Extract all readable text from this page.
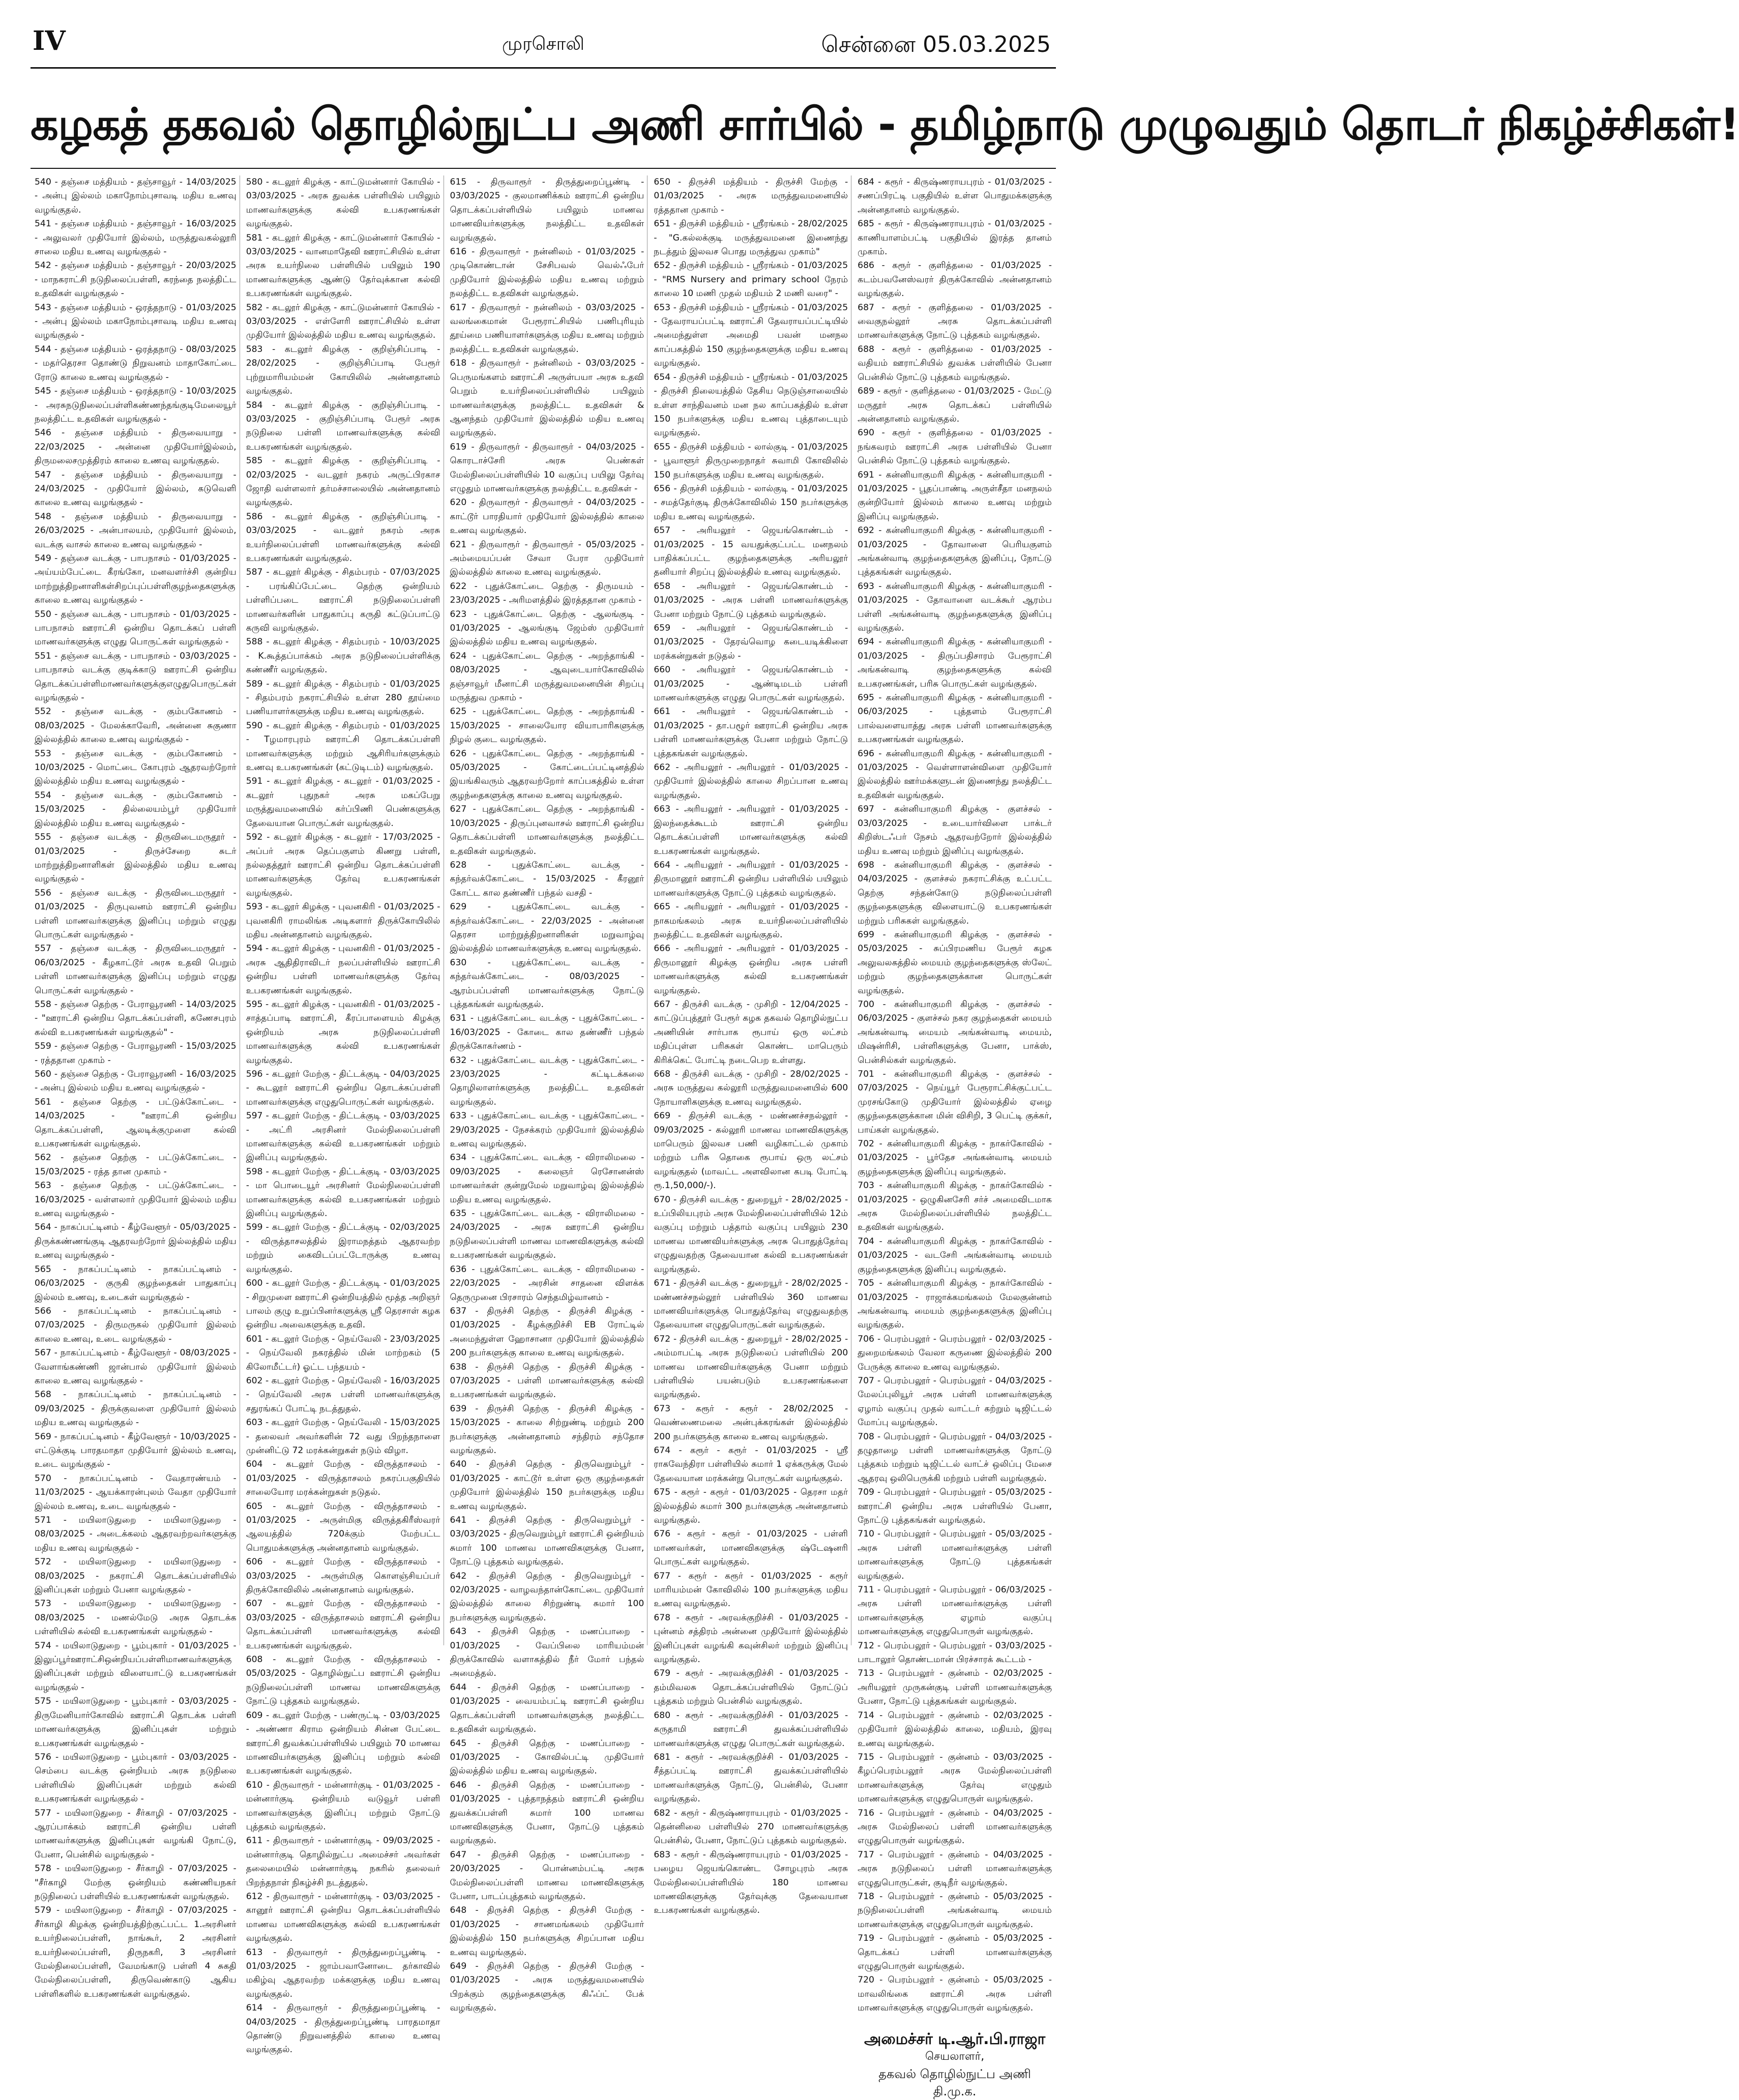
IV	முரசொலி	சென்னை 05.03.2025
கழகத் தகவல் தொழில்நுட்ப அணி சார்பில் - தமிழ்நாடு முழுவதும் தொடர் நிகழ்ச்சிகள்!

540 - தஞ்சை மத்தியம் - தஞ்சாவூர் - 14/03/2025 - அன்பு இல்லம் மகாநோம்புசாவடி மதிய உணவு வழங்குதல்.

541 - தஞ்சை மத்தியம் - தஞ்சாவூர் - 16/03/2025 - அலுவலர் முதியோர் இல்லம், மருத்துவகல்லூரி சாலை மதிய உணவு வழங்குதல் -

542 - தஞ்சை மத்தியம் - தஞ்சாவூர் - 20/03/2025 - மாநகராட்சி நடுநிலைப்பள்ளி, கரந்தை நலத்திட்ட உதவிகள் வழங்குதல் -

543 - தஞ்சை மத்தியம் - ஒரத்தநாடு - 01/03/2025 - அன்பு இல்லம் மகாநோம்புசாவடி மதிய உணவு வழங்குதல் -

544 - தஞ்சை மத்தியம் - ஒரத்தநாடு - 08/03/2025 - மதர்தெரசா தொண்டு நிறுவனம் மாதாகோட்டை ரோடு காலை உணவு வழங்குதல் -

545 - தஞ்சை மத்தியம் - ஒரத்தநாடு - 10/03/2025 - அரசுநடுநிலைப்பள்ளிகண்ணந்தங்குடிமேலையூர் நலத்திட்ட உதவிகள் வழங்குதல் -

546 - தஞ்சை மத்தியம் - திருவையாறு - 22/03/2025 - அன்னை முதியோர்இல்லம், திருமலைசமுத்திரம் காலை உணவு வழங்குதல்.

547 - தஞ்சை மத்தியம் - திருவையாறு - 24/03/2025 - முதியோர் இல்லம், கடுவெளி காலை உணவு வழங்குதல் -

548 - தஞ்சை மத்தியம் - திருவையாறு - 26/03/2025 - அன்பாலயம், முதியோர் இல்லம், வடக்கு வாசல் காலை உணவு வழங்குதல் -

549 - தஞ்சை வடக்கு - பாபநாசம் - 01/03/2025 - அய்யம்பேட்டை கீரங்கோ, மனவளர்ச்சி குன்றிய மாற்றுத்திறனாளிகள்சிறப்புப்பள்ளிகுழந்தைகளுக்கு காலை உணவு வழங்குதல் -

550 - தஞ்சை வடக்கு - பாபநாசம் - 01/03/2025 - பாபநாசம் ஊராட்சி ஒன்றிய தொடக்கப் பள்ளி மாணவர்களுக்கு எழுது பொருட்கள் வழங்குதல் -

551 - தஞ்சை வடக்கு - பாபநாசம் - 03/03/2025 - பாபநாசம் வடக்கு குடிக்காடு ஊராட்சி ஒன்றிய தொடக்கப்பள்ளிமாணவர்களுக்குஎழுதுபொருட்கள் வழங்குதல் -

552 - தஞ்சை வடக்கு - கும்பகோணம் - 08/03/2025 - மேலக்காவேரி, அன்னை சுகுணா இல்லத்தில் காலை உணவு வழங்குதல் -

553 - தஞ்சை வடக்கு - கும்பகோணம் - 10/03/2025 - மொட்டை கோபுரம் ஆதரவற்றோர் இல்லத்தில் மதிய உணவு வழங்குதல் -

554 - தஞ்சை வடக்கு - கும்பகோணம் - 15/03/2025 - தில்லையம்பூர் முதியோர் இல்லத்தில் மதிய உணவு வழங்குதல் -

555 - தஞ்சை வடக்கு - திருவிடைமருதூர் - 01/03/2025 - திருச்சேறை சுடர் மாற்றுத்திறனாளிகள் இல்லத்தில் மதிய உணவு வழங்குதல் -

556 - தஞ்சை வடக்கு - திருவிடைமருதூர் - 01/03/2025 - திருபுவனம் ஊராட்சி ஒன்றிய பள்ளி மாணவர்களுக்கு இனிப்பு மற்றும் எழுது பொருட்கள் வழங்குதல் -

557 - தஞ்சை வடக்கு - திருவிடைமருதூர் - 06/03/2025 - கீழகாட்டூர் அரசு உதவி பெறும் பள்ளி மாணவர்களுக்கு இனிப்பு மற்றும் எழுது பொருட்கள் வழங்குதல் -

558 - தஞ்சை தெற்கு - பேராவூரணி - 14/03/2025 - "ஊராட்சி ஒன்றிய தொடக்கப்பள்ளி, கணேசபுரம் கல்வி உபகரணங்கள் வழங்குதல்" -

559 - தஞ்சை தெற்கு - பேராவூரணி - 15/03/2025 - ரத்ததான முகாம் -

560 - தஞ்சை தெற்கு - பேராவூரணி - 16/03/2025 - அன்பு இல்லம் மதிய உணவு வழங்குதல் -

561 - தஞ்சை தெற்கு - பட்டுக்கோட்டை - 14/03/2025 - "ஊராட்சி ஒன்றிய தொடக்கப்பள்ளி, ஆலடிக்குமுளை கல்வி உபகரணங்கள் வழங்குதல்.

562 - தஞ்சை தெற்கு - பட்டுக்கோட்டை - 15/03/2025 - ரத்த தான முகாம் -

563 - தஞ்சை தெற்கு - பட்டுக்கோட்டை - 16/03/2025 - வள்ளலார் முதியோர் இல்லம் மதிய உணவு வழங்குதல் -

564 - நாகப்பட்டினம் - கீழ்வேளூர் - 05/03/2025 - திருக்கண்ணங்குடி ஆதரவற்றோர் இல்லத்தில் மதிய உணவு வழங்குதல் -

565 - நாகப்பட்டினம் - நாகப்பட்டினம் - 06/03/2025 - குருகி குழந்தைகள் பாதுகாப்பு இல்லம் உணவு, உடைகள் வழங்குதல் -

566 - நாகப்பட்டினம் - நாகப்பட்டினம் - 07/03/2025 - திருமருகல் முதியோர் இல்லம் காலை உணவு, உடை வழங்குதல் -

567 - நாகப்பட்டினம் - கீழ்வேளூர் - 08/03/2025 - வேளாங்கண்ணி ஜான்பால் முதியோர் இல்லம் காலை உணவு வழங்குதல் -

568 - நாகப்பட்டினம் - நாகப்பட்டினம் - 09/03/2025 - திருக்குவளை முதியோர் இல்லம் மதிய உணவு வழங்குதல் -

569 - நாகப்பட்டினம் - கீழ்வேளூர் - 10/03/2025 - எட்டுக்குடி பாரதமாதா முதியோர் இல்லம் உணவு, உடை வழங்குதல் -

570 - நாகப்பட்டினம் - வேதாரண்யம் - 11/03/2025 - ஆயக்காரன்புலம் வேதா முதியோர் இல்லம் உணவு, உடை வழங்குதல் -

571 - மயிலாடுதுறை - மயிலாடுதுறை - 08/03/2025 - அடைக்கலம் ஆதரவற்றவர்களுக்கு மதிய உணவு வழங்குதல் -

572 - மயிலாடுதுறை - மயிலாடுதுறை - 08/03/2025 - நகராட்சி தொடக்கப்பள்ளியில் இனிப்புகள் மற்றும் பேனா வழங்குதல் -

573 - மயிலாடுதுறை - மயிலாடுதுறை - 08/03/2025 - மணல்மேடு அரசு தொடக்க பள்ளியில் கல்வி உபகரணங்கள் வழங்குதல் -

574 - மயிலாடுதுறை - பூம்புகார் - 01/03/2025 - இலுப்பூர்ஊராட்சிஒன்றியப்பள்ளிமாணவர்களுக்கு இனிப்புகள் மற்றும் விளையாட்டு உபகரணங்கள் வழங்குதல் -

575 - மயிலாடுதுறை - பூம்புகார் - 03/03/2025 - திருமேனியார்கோவில் ஊராட்சி தொடக்க பள்ளி மாணவர்களுக்கு இனிப்புகள் மற்றும் உபகரணங்கள் வழங்குதல் -

576 - மயிலாடுதுறை - பூம்புகார் - 03/03/2025 - செம்பை வடக்கு ஒன்றியம் அரசு நடுநிலை பள்ளியில் இனிப்புகள் மற்றும் கல்வி உபகரணங்கள் வழங்குதல் -

577 - மயிலாடுதுறை - சீர்காழி - 07/03/2025 - ஆரப்பாக்கம் ஊராட்சி ஒன்றிய பள்ளி மாணவர்களுக்கு இனிப்புகள் வழங்கி நோட்டு, பேனா, பென்சில் வழங்குதல் -

578 - மயிலாடுதுறை - சீர்காழி - 07/03/2025 - "சீர்காழி மேற்கு ஒன்றியம் கண்ணியநகர் நடுநிலைப் பள்ளியில் உபகரணங்கள் வழங்குதல்.

579 - மயிலாடுதுறை - சீர்காழி - 07/03/2025 - சீர்காழி கிழக்கு ஒன்றியத்திற்குட்பட்ட 1.அரசினர் உயர்நிலைப்பள்ளி, நாங்கூர், 2 அரசினர் உயர்நிலைப்பள்ளி, திருநகரி, 3 அரசினர் மேல்நிலைப்பள்ளி, வேமங்காடு பள்ளி 4 சுகதி மேல்நிலைப்பள்ளி, திருவெண்காடு ஆகிய பள்ளிகளில் உபகரணங்கள் வழங்குதல்.

580 - கடலூர் கிழக்கு - காட்டுமன்னார் கோயில் - 03/03/2025 - அரசு துவக்க பள்ளியில் பயிலும் மாணவர்களுக்கு கல்வி உபகரணங்கள் வழங்குதல்.

581 - கடலூர் கிழக்கு - காட்டுமன்னார் கோயில் - 03/03/2025 - வானமாதேவி ஊராட்சியில் உள்ள அரசு உயர்நிலை பள்ளியில் பயிலும் 190 மாணவர்களுக்கு ஆண்டு தேர்வுக்கான கல்வி உபகரணங்கள் வழங்குதல்.

582 - கடலூர் கிழக்கு - காட்டுமன்னார் கோயில் - 03/03/2025 - எள்ளேரி ஊராட்சியில் உள்ள முதியோர் இல்லத்தில் மதிய உணவு வழங்குதல்.

583 - கடலூர் கிழக்கு - குறிஞ்சிப்பாடி - 28/02/2025 - குறிஞ்சிப்பாடி பேரூர் புற்றுமாரியம்மன் கோயிலில் அன்னதானம் வழங்குதல்.

584 - கடலூர் கிழக்கு - குறிஞ்சிப்பாடி - 03/03/2025 - குறிஞ்சிப்பாடி பேரூர் அரசு நடுநிலை பள்ளி மாணவர்களுக்கு கல்வி உபகரணங்கள் வழங்குதல்.

585 - கடலூர் கிழக்கு - குறிஞ்சிப்பாடி - 02/03/2025 - வடலூர் நகரம் அருட்பிரகாச ஜோதி வள்ளலார் தர்மச்சாலையில் அன்னதானம் வழங்குதல்.

586 - கடலூர் கிழக்கு - குறிஞ்சிப்பாடி - 03/03/2025 - வடலூர் நகரம் அரசு உயர்நிலைப்பள்ளி மாணவர்களுக்கு கல்வி உபகரணங்கள் வழங்குதல்.

587 - கடலூர் கிழக்கு - சிதம்பரம் - 07/03/2025 - பரங்கிப்பேட்டை தெற்கு ஒன்றியம் பள்ளிப்படை ஊராட்சி நடுநிலைப்பள்ளி மாணவர்களின் பாதுகாப்பு கருதி கட்டுப்பாட்டு கருவி வழங்குதல்.

588 - கடலூர் கிழக்கு - சிதம்பரம் - 10/03/2025 - K.கூத்தப்பாக்கம் அரசு நடுநிலைப்பள்ளிக்கு கண்ணீர் வழங்குதல்.

589 - கடலூர் கிழக்கு - சிதம்பரம் - 01/03/2025 - சிதம்பரம் நகராட்சியில் உள்ள 280 தூய்மை பணியாளர்களுக்கு மதிய உணவு வழங்குதல்.

590 - கடலூர் கிழக்கு - சிதம்பரம் - 01/03/2025 - Tழமாரபுரம் ஊராட்சி தொடக்கப்பள்ளி மாணவர்களுக்கு மற்றும் ஆசிரியர்களுக்கும் உணவு உபகரணங்கள் (கட்டுடிடம்) வழங்குதல்.

591 - கடலூர் கிழக்கு - கடலூர் - 01/03/2025 - கடலூர் புதுநகர் அரசு மகப்பேறு மருத்துவமனையில் கர்ப்பிணி பெண்களுக்கு தேவையான பொருட்கள் வழங்குதல்.

592 - கடலூர் கிழக்கு - கடலூர் - 17/03/2025 - அப்பர் அரசு தெப்பகுளம் கிணறு பள்ளி, நல்லதத்தூர் ஊராட்சி ஒன்றிய தொடக்கப்பள்ளி மாணவர்களுக்கு தேர்வு உபகரணங்கள் வழங்குதல்.

593 - கடலூர் கிழக்கு - புவனகிரி - 01/03/2025 - புவனகிரி ராமலிங்க அடிகளார் திருக்கோயிலில் மதிய அன்னதானம் வழங்குதல்.

594 - கடலூர் கிழக்கு - புவனகிரி - 01/03/2025 - அரசு ஆதிதிராவிடர் நலப்பள்ளியில் ஊராட்சி ஒன்றிய பள்ளி மாணவர்களுக்கு தேர்வு உபகரணங்கள் வழங்குதல்.

595 - கடலூர் கிழக்கு - புவனகிரி - 01/03/2025 - சாத்தப்பாடி ஊராட்சி, கீரப்பாளையம் கிழக்கு ஒன்றியம் அரசு நடுநிலைப்பள்ளி மாணவர்களுக்கு கல்வி உபகரணங்கள் வழங்குதல்.

596 - கடலூர் மேற்கு - திட்டக்குடி - 04/03/2025 - கூடலூர் ஊராட்சி ஒன்றிய தொடக்கப்பள்ளி மாணவர்களுக்கு எழுதுபொருட்கள் வழங்குதல்.

597 - கடலூர் மேற்கு - திட்டக்குடி - 03/03/2025 - அட்ரி அரசினர் மேல்நிலைப்பள்ளி மாணவர்களுக்கு கல்வி உபகரணங்கள் மற்றும் இனிப்பு வழங்குதல்.

598 - கடலூர் மேற்கு - திட்டக்குடி - 03/03/2025 - மா பொடையூர் அரசினர் மேல்நிலைப்பள்ளி மாணவர்களுக்கு கல்வி உபகரணங்கள் மற்றும் இனிப்பு வழங்குதல்.

599 - கடலூர் மேற்கு - திட்டக்குடி - 02/03/2025 - விருத்தாசலத்தில் இராமநத்தம் ஆதரவற்ற மற்றும் கைவிடப்பட்டோருக்கு உணவு வழங்குதல்.

600 - கடலூர் மேற்கு - திட்டக்குடி - 01/03/2025 - சிறுமுளை ஊராட்சி ஒன்றியத்தில் மூத்த அறிஞர் பாலம் குழு உறுப்பினர்களுக்கு ஸ்ரீ தெரசாள் கழக ஒன்றிய அவைகளுக்கு உதவி.

601 - கடலூர் மேற்கு - நெய்வேலி - 23/03/2025 - நெய்வேலி நகரத்தில் மின் மாற்றகம் (5 கிலோமீட்டர்) ஓட்ட பந்தயம் -

602 - கடலூர் மேற்கு - நெய்வேலி - 16/03/2025 - நெய்வேலி அரசு பள்ளி மாணவர்களுக்கு சதுரங்கப் போட்டி நடத்துதல்.

603 - கடலூர் மேற்கு - நெய்வேலி - 15/03/2025 - தலைவர் அவர்களின் 72 வது பிறந்தநாளை முன்னிட்டு 72 மரக்கன்றுகள் நடும் விழா.

604 - கடலூர் மேற்கு - விருத்தாசலம் - 01/03/2025 - விருத்தாசலம் நகரப்பகுதியில் சாலையோர மரக்கன்றுகள் நடுதல்.

605 - கடலூர் மேற்கு - விருத்தாசலம் - 01/03/2025 - அருள்மிகு விருத்தகிரீஸ்வரர் ஆலயத்தில் 720க்கும் மேற்பட்ட பொதுமக்களுக்கு அன்னதானம் வழங்குதல்.

606 - கடலூர் மேற்கு - விருத்தாசலம் - 03/03/2025 - அருள்மிகு கொளஞ்சியப்பர் திருக்கோவிலில் அன்னதானம் வழங்குதல்.

607 - கடலூர் மேற்கு - விருத்தாசலம் - 03/03/2025 - விருத்தாசலம் ஊராட்சி ஒன்றிய தொடக்கப்பள்ளி மாணவர்களுக்கு கல்வி உபகரணங்கள் வழங்குதல்.

608 - கடலூர் மேற்கு - விருத்தாசலம் - 05/03/2025 - தொழில்நுட்ப ஊராட்சி ஒன்றிய நடுநிலைப்பள்ளி மாணவ மாணவிகளுக்கு நோட்டு புத்தகம் வழங்குதல்.

609 - கடலூர் மேற்கு - பண்ருட்டி - 03/03/2025 - அண்ணா கிராம ஒன்றியம் சின்ன பேட்டை ஊராட்சி துவக்கப்பள்ளியில் பயிலும் 70 மாணவ மாணவியர்களுக்கு இனிப்பு மற்றும் கல்வி உபகரணங்கள் வழங்குதல்.

610 - திருவாரூர் - மன்னார்குடி - 01/03/2025 - மன்னார்குடி ஒன்றியம் வடுவூர் பள்ளி மாணவர்களுக்கு இனிப்பு மற்றும் நோட்டு புத்தகம் வழங்குதல்.

611 - திருவாரூர் - மன்னார்குடி - 09/03/2025 - மன்னார்குடி தொழில்நுட்ப அமைச்சர் அவர்கள் தலைமையில் மன்னார்குடி நகரில் தலைவர் பிறந்தநாள் நிகழ்ச்சி நடத்துதல்.

612 - திருவாரூர் - மன்னார்குடி - 03/03/2025 - கானூர் ஊராட்சி ஒன்றிய தொடக்கப்பள்ளியில் மாணவ மாணவிகளுக்கு கல்வி உபகரணங்கள் வழங்குதல்.

613 - திருவாரூர் - திருத்துறைப்பூண்டி - 01/03/2025 - ஜாம்பவானோடை தர்காவில் மகிழ்வு ஆதரவற்ற மக்களுக்கு மதிய உணவு வழங்குதல்.

614 - திருவாரூர் - திருத்துறைப்பூண்டி - 04/03/2025 - திருத்துறைப்பூண்டி பாரதமாதா தொண்டு நிறுவனத்தில் காலை உணவு வழங்குதல்.

615 - திருவாரூர் - திருத்துறைப்பூண்டி - 03/03/2025 - குலமாணிக்கம் ஊராட்சி ஒன்றிய தொடக்கப்பள்ளியில் பயிலும் மாணவ மாணவியர்களுக்கு நலத்திட்ட உதவிகள் வழங்குதல்.

616 - திருவாரூர் - நன்னிலம் - 01/03/2025 - முடிகொண்டான் சேசிபவல் வெல்ஃபேர் முதியோர் இல்லத்தில் மதிய உணவு மற்றும் நலத்திட்ட உதவிகள் வழங்குதல்.

617 - திருவாரூர் - நன்னிலம் - 03/03/2025 - வலங்கைமான் பேரூராட்சியில் பணிபுரியும் தூய்மை பணியாளர்களுக்கு மதிய உணவு மற்றும் நலத்திட்ட உதவிகள் வழங்குதல்.

618 - திருவாரூர் - நன்னிலம் - 03/03/2025 - பெருமங்களம் ஊராட்சி அருள்பயா அரசு உதவி பெறும் உயர்நிலைப்பள்ளியில் பயிலும் மாணவர்களுக்கு நலத்திட்ட உதவிகள் & ஆனந்தம் முதியோர் இல்லத்தில் மதிய உணவு வழங்குதல்.

619 - திருவாரூர் - திருவாரூர் - 04/03/2025 - கொரடாச்சேரி அரசு பெண்கள் மேல்நிலைப்பள்ளியில் 10 வகுப்பு பயிலு தேர்வு எழுதும் மாணவர்களுக்கு நலத்திட்ட உதவிகள் -

620 - திருவாரூர் - திருவாரூர் - 04/03/2025 - காட்டூர் பாரதியார் முதியோர் இல்லத்தில் காலை உணவு வழங்குதல்.

621 - திருவாரூர் - திருவாரூர் - 05/03/2025 - அம்மையப்பன் சேவா பேரா முதியோர் இல்லத்தில் காலை உணவு வழங்குதல்.

622 - புதுக்கோட்டை தெற்கு - திருமயம் - 23/03/2025 - அரிமளத்தில் இரத்ததான முகாம் -

623 - புதுக்கோட்டை தெற்கு - ஆலங்குடி - 01/03/2025 - ஆலங்குடி ஜேம்ஸ் முதியோர் இல்லத்தில் மதிய உணவு வழங்குதல்.

624 - புதுக்கோட்டை தெற்கு - அறந்தாங்கி - 08/03/2025 - ஆவுடையார்கோவிலில் தஞ்சாவூர் மீனாட்சி மருத்துவமனையின் சிறப்பு மருத்துவ முகாம் -

625 - புதுக்கோட்டை தெற்கு - அறந்தாங்கி - 15/03/2025 - சாலையோர வியாபாரிகளுக்கு நிழல் குடை வழங்குதல்.

626 - புதுக்கோட்டை தெற்கு - அறந்தாங்கி - 05/03/2025 - கோட்டைப்பட்டினத்தில் இயங்கிவரும் ஆதரவற்றோர் காப்பகத்தில் உள்ள குழந்தைகளுக்கு காலை உணவு வழங்குதல்.

627 - புதுக்கோட்டை தெற்கு - அறந்தாங்கி - 10/03/2025 - திருப்புனவாசல் ஊராட்சி ஒன்றிய தொடக்கப்பள்ளி மாணவர்களுக்கு நலத்திட்ட உதவிகள் வழங்குதல்.

628 - புதுக்கோட்டை வடக்கு - கந்தர்வக்கோட்டை - 15/03/2025 - கீரனூர் கோட்ட கால தண்ணீர் பந்தல் வசதி -

629 - புதுக்கோட்டை வடக்கு - கந்தர்வக்கோட்டை - 22/03/2025 - அன்னை தெரசா மாற்றுத்திறனாளிகள் மறுவாழ்வு இல்லத்தில் மாணவர்களுக்கு உணவு வழங்குதல்.

630 - புதுக்கோட்டை வடக்கு - கந்தர்வக்கோட்டை - 08/03/2025 - ஆரம்பப்பள்ளி மாணவர்களுக்கு நோட்டு புத்தகங்கள் வழங்குதல்.

631 - புதுக்கோட்டை வடக்கு - புதுக்கோட்டை - 16/03/2025 - கோடை கால தண்ணீர் பந்தல் திருக்கோகர்ணம் -

632 - புதுக்கோட்டை வடக்கு - புதுக்கோட்டை - 23/03/2025 - கட்டிடக்கலை தொழிலாளர்களுக்கு நலத்திட்ட உதவிகள் வழங்குதல்.

633 - புதுக்கோட்டை வடக்கு - புதுக்கோட்டை - 29/03/2025 - நேசக்கரம் முதியோர் இல்லத்தில் உணவு வழங்குதல்.

634 - புதுக்கோட்டை வடக்கு - விராலிமலை - 09/03/2025 - கலைஞர் ரெசோனன்ஸ் மாணவர்கள் குன்றுமேல் மறுவாழ்வு இல்லத்தில் மதிய உணவு வழங்குதல்.

635 - புதுக்கோட்டை வடக்கு - விராலிமலை - 24/03/2025 - அரசு ஊராட்சி ஒன்றிய நடுநிலைப்பள்ளி மாணவ மாணவிகளுக்கு கல்வி உபகரணங்கள் வழங்குதல்.

636 - புதுக்கோட்டை வடக்கு - விராலிமலை - 22/03/2025 - அரசின் சாதனை விளக்க தெருமுனை பிரசாரம் செந்தமிழ்வானம் -

637 - திருச்சி தெற்கு - திருச்சி கிழக்கு - 01/03/2025 - கீழக்குறிச்சி EB ரோட்டில் அமைந்துள்ள ஹோசானா முதியோர் இல்லத்தில் 200 நபர்களுக்கு காலை உணவு வழங்குதல்.

638 - திருச்சி தெற்கு - திருச்சி கிழக்கு - 07/03/2025 - பள்ளி மாணவர்களுக்கு கல்வி உபகரணங்கள் வழங்குதல்.

639 - திருச்சி தெற்கு - திருச்சி கிழக்கு - 15/03/2025 - காலை சிற்றுண்டி மற்றும் 200 நபர்களுக்கு அன்னதானம் சந்திரம் சந்தோச வழங்குதல்.

640 - திருச்சி தெற்கு - திருவெறும்பூர் - 01/03/2025 - காட்டூர் உள்ள ஒரு குழந்தைகள் முதியோர் இல்லத்தில் 150 நபர்களுக்கு மதிய உணவு வழங்குதல்.

641 - திருச்சி தெற்கு - திருவெறும்பூர் - 03/03/2025 - திருவெறும்பூர் ஊராட்சி ஒன்றியம் சுமார் 100 மாணவ மாணவிகளுக்கு பேனா, நோட்டு புத்தகம் வழங்குதல்.

642 - திருச்சி தெற்கு - திருவெறும்பூர் - 02/03/2025 - வாழவந்தான்கோட்டை முதியோர் இல்லத்தில் காலை சிற்றுண்டி சுமார் 100 நபர்களுக்கு வழங்குதல்.

643 - திருச்சி தெற்கு - மணப்பாறை - 01/03/2025 - வேப்பிலை மாரியம்மன் திருக்கோவில் வளாகத்தில் நீர் மோர் பந்தல் அமைத்தல்.

644 - திருச்சி தெற்கு - மணப்பாறை - 01/03/2025 - வையம்பட்டி ஊராட்சி ஒன்றிய தொடக்கப்பள்ளி மாணவர்களுக்கு நலத்திட்ட உதவிகள் வழங்குதல்.

645 - திருச்சி தெற்கு - மணப்பாறை - 01/03/2025 - கோவில்பட்டி முதியோர் இல்லத்தில் மதிய உணவு வழங்குதல்.

646 - திருச்சி தெற்கு - மணப்பாறை - 01/03/2025 - புத்தாநத்தம் ஊராட்சி ஒன்றிய துவக்கப்பள்ளி சுமார் 100 மாணவ மாணவிகளுக்கு பேனா, நோட்டு புத்தகம் வழங்குதல்.

647 - திருச்சி தெற்கு - மணப்பாறை - 20/03/2025 - பொன்னம்பட்டி அரசு மேல்நிலைப்பள்ளி மாணவ மாணவிகளுக்கு பேனா, பாடப்புத்தகம் வழங்குதல்.

648 - திருச்சி தெற்கு - திருச்சி மேற்கு - 01/03/2025 - சாணமங்கலம் முதியோர் இல்லத்தில் 150 நபர்களுக்கு சிறப்பான மதிய உணவு வழங்குதல்.

649 - திருச்சி தெற்கு - திருச்சி மேற்கு - 01/03/2025 - அரசு மருத்துவமனையில் பிறக்கும் குழந்தைகளுக்கு கிஃப்ட் பேக் வழங்குதல்.

650 - திருச்சி மத்தியம் - திருச்சி மேற்கு - 01/03/2025 - அரசு மருத்துவமனையில் ரத்ததான முகாம் -

651 - திருச்சி மத்தியம் - ஸ்ரீரங்கம் - 28/02/2025 - "G.கல்லக்குடி மருத்துவமனை இணைந்து நடத்தும் இலவச பொது மருத்துவ முகாம்"

652 - திருச்சி மத்தியம் - ஸ்ரீரங்கம் - 01/03/2025 - "RMS Nursery and primary school நேரம் காலை 10 மணி முதல் மதியம் 2 மணி வரை" -

653 - திருச்சி மத்தியம் - ஸ்ரீரங்கம் - 01/03/2025 - தேவராயப்பட்டி ஊராட்சி தேவராயப்பட்டியில் அமைந்துள்ள அமைதி பவன் மனநல காப்பகத்தில் 150 குழந்தைகளுக்கு மதிய உணவு வழங்குதல்.

654 - திருச்சி மத்தியம் - ஸ்ரீரங்கம் - 01/03/2025 - திருச்சி நிலையத்தில் தேசிய நெடுஞ்சாலையில் உள்ள சாந்திவனம் மன நல காப்பகத்தில் உள்ள 150 நபர்களுக்கு மதிய உணவு புத்தாடையும் வழங்குதல்.

655 - திருச்சி மத்தியம் - லால்குடி - 01/03/2025 - பூவாளூர் திருமுறைநாதர் சுவாமி கோவிலில் 150 நபர்களுக்கு மதிய உணவு வழங்குதல்.

656 - திருச்சி மத்தியம் - லால்குடி - 01/03/2025 - சமத்தேர்குடி திருக்கோவிலில் 150 நபர்களுக்கு மதிய உணவு வழங்குதல்.

657 - அரியலூர் - ஜெயங்கொண்டம் - 01/03/2025 - 15 வயதுக்குட்பட்ட மனநலம் பாதிக்கப்பட்ட குழந்தைகளுக்கு அரியலூர் தனியார் சிறப்பு இல்லத்தில் உணவு வழங்குதல்.

658 - அரியலூர் - ஜெயங்கொண்டம் - 01/03/2025 - அரசு பள்ளி மாணவர்களுக்கு பேனா மற்றும் நோட்டு புத்தகம் வழங்குதல்.

659 - அரியலூர் - ஜெயங்கொண்டம் - 01/03/2025 - தேரவ்வொழ கடையடிக்கிளை மரக்கன்றுகள் நடுதல் -

660 - அரியலூர் - ஜெயங்கொண்டம் - 01/03/2025 - ஆண்டிமடம் பள்ளி மாணவர்களுக்கு எழுது பொருட்கள் வழங்குதல்.

661 - அரியலூர் - ஜெயங்கொண்டம் - 01/03/2025 - தா.பழூர் ஊராட்சி ஒன்றிய அரசு பள்ளி மாணவர்களுக்கு பேனா மற்றும் நோட்டு புத்தகங்கள் வழங்குதல்.

662 - அரியலூர் - அரியலூர் - 01/03/2025 - முதியோர் இல்லத்தில் காலை சிறப்பான உணவு வழங்குதல்.

663 - அரியலூர் - அரியலூர் - 01/03/2025 - இலந்தைக்கூடம் ஊராட்சி ஒன்றிய தொடக்கப்பள்ளி மாணவர்களுக்கு கல்வி உபகரணங்கள் வழங்குதல்.

664 - அரியலூர் - அரியலூர் - 01/03/2025 - திருமானூர் ஊராட்சி ஒன்றிய பள்ளியில் பயிலும் மாணவர்களுக்கு நோட்டு புத்தகம் வழங்குதல்.

665 - அரியலூர் - அரியலூர் - 01/03/2025 - நாகமங்கலம் அரசு உயர்நிலைப்பள்ளியில் நலத்திட்ட உதவிகள் வழங்குதல்.

666 - அரியலூர் - அரியலூர் - 01/03/2025 - திருமானூர் கிழக்கு ஒன்றிய அரசு பள்ளி மாணவர்களுக்கு கல்வி உபகரணங்கள் வழங்குதல்.

667 - திருச்சி வடக்கு - முசிறி - 12/04/2025 - காட்டுப்புத்தூர் பேரூர் கழக தகவல் தொழில்நுட்ப அணியின் சார்பாக ரூபாய் ஒரு லட்சம் மதிப்புள்ள பரிசுகள் கொண்ட மாபெரும் கிரிக்கெட் போட்டி நடைபெற உள்ளது.

668 - திருச்சி வடக்கு - முசிறி - 28/02/2025 - அரசு மருத்துவ கல்லூரி மருத்துவமனையில் 600 நோயாளிகளுக்கு உணவு வழங்குதல்.

669 - திருச்சி வடக்கு - மண்ணச்சநல்லூர் - 09/03/2025 - கல்லூரி மாணவ மாணவிகளுக்கு மாபெரும் இலவச பணி வழிகாட்டல் முகாம் மற்றும் பரிசு தொகை ரூபாய் ஒரு லட்சம் வழங்குதல் (மாவட்ட அளவிலான கபடி போட்டி ரூ.1,50,000/-).

670 - திருச்சி வடக்கு - துறையூர் - 28/02/2025 - உப்பிலியபுரம் அரசு மேல்நிலைப்பள்ளியில் 12ம் வகுப்பு மற்றும் பத்தாம் வகுப்பு பயிலும் 230 மாணவ மாணவியர்களுக்கு அரசு பொதுத்தேர்வு எழுதுவதற்கு தேவையான கல்வி உபகரணங்கள் வழங்குதல்.

671 - திருச்சி வடக்கு - துறையூர் - 28/02/2025 - மண்ணச்சநல்லூர் பள்ளியில் 360 மாணவ மாணவியர்களுக்கு பொதுத்தேர்வு எழுதுவதற்கு தேவையான எழுதுபொருட்கள் வழங்குதல்.

672 - திருச்சி வடக்கு - துறையூர் - 28/02/2025 - அம்மாபட்டி அரசு நடுநிலைப் பள்ளியில் 200 மாணவ மாணவியர்களுக்கு பேனா மற்றும் பள்ளியில் பயன்படும் உபகரணங்களை வழங்குதல்.

673 - கரூர் - கரூர் - 28/02/2025 - வெண்ணைமலை அன்புக்கரங்கள் இல்லத்தில் 200 நபர்களுக்கு காலை உணவு வழங்குதல்.

674 - கரூர் - கரூர் - 01/03/2025 - ஸ்ரீ ராகவேந்திரா பள்ளியில் சுமார் 1 ஏக்கருக்கு மேல் தேவையான மரக்கன்று பொருட்கள் வழங்குதல்.

675 - கரூர் - கரூர் - 01/03/2025 - தெரசா மதர் இல்லத்தில் சுமார் 300 நபர்களுக்கு அன்னதானம் வழங்குதல்.

676 - கரூர் - கரூர் - 01/03/2025 - பள்ளி மாணவர்கள், மாணவிகளுக்கு ஷ்டேஷனரி பொருட்கள் வழங்குதல்.

677 - கரூர் - கரூர் - 01/03/2025 - கரூர் மாரியம்மன் கோவிலில் 100 நபர்களுக்கு மதிய உணவு வழங்குதல்.

678 - கரூர் - அரவக்குறிச்சி - 01/03/2025 - புன்னம் சத்திரம் அன்னை முதியோர் இல்லத்தில் இனிப்புகள் வழங்கி கவுன்சிலர் மற்றும் இனிப்பு வழங்குதல்.

679 - கரூர் - அரவக்குறிச்சி - 01/03/2025 - தம்மிவலசு தொடக்கப்பள்ளியில் நோட்டுப் புத்தகம் மற்றும் பென்சில் வழங்குதல்.

680 - கரூர் - அரவக்குறிச்சி - 01/03/2025 - கருதாமி ஊராட்சி துவக்கப்பள்ளியில் மாணவர்களுக்கு எழுது பொருட்கள் வழங்குதல்.

681 - கரூர் - அரவக்குறிச்சி - 01/03/2025 - சீத்தப்பட்டி ஊராட்சி துவக்கப்பள்ளியில் மாணவர்களுக்கு நோட்டு, பென்சில், பேனா வழங்குதல்.

682 - கரூர் - கிருஷ்ணராயபுரம் - 01/03/2025 - தென்னிலை பள்ளியில் 270 மாணவர்களுக்கு பென்சில், பேனா, நோட்டுப் புத்தகம் வழங்குதல்.

683 - கரூர் - கிருஷ்ணராயபுரம் - 01/03/2025 - பழைய ஜெயங்கொண்ட சோழபுரம் அரசு மேல்நிலைப்பள்ளியில் 180 மாணவ மாணவிகளுக்கு தேர்வுக்கு தேவையான உபகரணங்கள் வழங்குதல்.

684 - கரூர் - கிருஷ்ணராயபுரம் - 01/03/2025 - சணப்பிரட்டி பகுதியில் உள்ள பொதுமக்களுக்கு அன்னதானம் வழங்குதல்.

685 - கரூர் - கிருஷ்ணராயபுரம் - 01/03/2025 - காணியாளம்பட்டி பகுதியில் இரத்த தானம் முகாம்.

686 - கரூர் - குளித்தலை - 01/03/2025 - கடம்பவனேஸ்வரர் திருக்கோவில் அன்னதானம் வழங்குதல்.

687 - கரூர் - குளித்தலை - 01/03/2025 - வைகுநல்லூர் அரசு தொடக்கப்பள்ளி மாணவர்களுக்கு நோட்டு புத்தகம் வழங்குதல்.

688 - கரூர் - குளித்தலை - 01/03/2025 - வதியம் ஊராட்சியில் துவக்க பள்ளியில் பேனா பென்சில் நோட்டு புத்தகம் வழங்குதல்.

689 - கரூர் - குளித்தலை - 01/03/2025 - மேட்டு மருதூர் அரசு தொடக்கப் பள்ளியில் அன்னதானம் வழங்குதல்.

690 - கரூர் - குளித்தலை - 01/03/2025 - நங்கவரம் ஊராட்சி அரசு பள்ளியில் பேனா பென்சில் நோட்டு புத்தகம் வழங்குதல்.

691 - கன்னியாகுமரி கிழக்கு - கன்னியாகுமரி - 01/03/2025 - பூதப்பாண்டி அருள்சீதா மனநலம் குன்றியோர் இல்லம் காலை உணவு மற்றும் இனிப்பு வழங்குதல்.

692 - கன்னியாகுமரி கிழக்கு - கன்னியாகுமரி - 01/03/2025 - தோவாளை பெரியகுளம் அங்கன்வாடி குழந்தைகளுக்கு இனிப்பு, நோட்டு புத்தகங்கள் வழங்குதல்.

693 - கன்னியாகுமரி கிழக்கு - கன்னியாகுமரி - 01/03/2025 - தோவாளை வடக்கூர் ஆரம்ப பள்ளி அங்கன்வாடி குழந்தைகளுக்கு இனிப்பு வழங்குதல்.

694 - கன்னியாகுமரி கிழக்கு - கன்னியாகுமரி - 01/03/2025 - திருப்பதிசாரம் பேரூராட்சி அங்கன்வாடி குழந்தைகளுக்கு கல்வி உபகரணங்கள், பரிசு பொருட்கள் வழங்குதல்.

695 - கன்னியாகுமரி கிழக்கு - கன்னியாகுமரி - 06/03/2025 - புத்தளம் பேரூராட்சி பால்வளையாத்து அரசு பள்ளி மாணவர்களுக்கு உபகரணங்கள் வழங்குதல்.

696 - கன்னியாகுமரி கிழக்கு - கன்னியாகுமரி - 01/03/2025 - வெள்ளாளன்விளை முதியோர் இல்லத்தில் ஊர்மக்களுடன் இணைந்து நலத்திட்ட உதவிகள் வழங்குதல்.

697 - கன்னியாகுமரி கிழக்கு - குளச்சல் - 03/03/2025 - உடையார்விளை பாக்டர் கிறிஸ்டஃபர் நேசம் ஆதரவற்றோர் இல்லத்தில் மதிய உணவு மற்றும் இனிப்பு வழங்குதல்.

698 - கன்னியாகுமரி கிழக்கு - குளச்சல் - 04/03/2025 - குளச்சல் நகராட்சிக்கு உட்பட்ட தெற்கு சந்தன்கோடு நடுநிலைப்பள்ளி குழந்தைகளுக்கு விளையாட்டு உபகரணங்கள் மற்றும் பரிசுகள் வழங்குதல்.

699 - கன்னியாகுமரி கிழக்கு - குளச்சல் - 05/03/2025 - சுப்பிரமணிய பேரூர் கழக அலுவலகத்தில் மையம் குழந்தைகளுக்கு ஸ்லேட் மற்றும் குழந்தைகளுக்கான பொருட்கள் வழங்குதல்.

700 - கன்னியாகுமரி கிழக்கு - குளச்சல் - 06/03/2025 - குளச்சல் நகர குழந்தைகள் மையம் அங்கன்வாடி மையம் அங்கன்வாடி மையம், மிஷன்ரிசி, பள்ளிகளுக்கு பேனா, பாக்ஸ், பென்சில்கள் வழங்குதல்.

701 - கன்னியாகுமரி கிழக்கு - குளச்சல் - 07/03/2025 - நெய்யூர் பேரூராட்சிக்குட்பட்ட முரசங்கோடு முதியோர் இல்லத்தில் ஏழை குழந்தைகளுக்கான மின் விசிறி, 3 பெட்டி குக்கர், பாய்கள் வழங்குதல்.

702 - கன்னியாகுமரி கிழக்கு - நாகர்கோவில் - 01/03/2025 - பூர்தேச அங்கன்வாடி மையம் குழந்தைகளுக்கு இனிப்பு வழங்குதல்.

703 - கன்னியாகுமரி கிழக்கு - நாகர்கோவில் - 01/03/2025 - ஒழுகினசேரி சர்ச் அமைவிடமாக அரசு மேல்நிலைப்பள்ளியில் நலத்திட்ட உதவிகள் வழங்குதல்.

704 - கன்னியாகுமரி கிழக்கு - நாகர்கோவில் - 01/03/2025 - வடசேரி அங்கன்வாடி மையம் குழந்தைகளுக்கு இனிப்பு வழங்குதல்.

705 - கன்னியாகுமரி கிழக்கு - நாகர்கோவில் - 01/03/2025 - ராஜாக்கமங்கலம் மேலகுன்னம் அங்கன்வாடி மையம் குழந்தைகளுக்கு இனிப்பு வழங்குதல்.

706 - பெரம்பலூர் - பெரம்பலூர் - 02/03/2025 - துறைமங்கலம் வேலா கருணை இல்லத்தில் 200 பேருக்கு காலை உணவு வழங்குதல்.

707 - பெரம்பலூர் - பெரம்பலூர் - 04/03/2025 - மேலப்புலியூர் அரசு பள்ளி மாணவர்களுக்கு ஏழாம் வகுப்பு முதல் வாட்டர் கற்றும் டிஜிட்டல் மோப்பு வழங்குதல்.

708 - பெரம்பலூர் - பெரம்பலூர் - 04/03/2025 - தழுதாழை பள்ளி மாணவர்களுக்கு நோட்டு புத்தகம் மற்றும் டிஜிட்டல் வாட்ச் ஒலிப்பு மேசை ஆதரவு ஒலிபெருக்கி மற்றும் பள்ளி வழங்குதல்.

709 - பெரம்பலூர் - பெரம்பலூர் - 05/03/2025 - ஊராட்சி ஒன்றிய அரசு பள்ளியில் பேனா, நோட்டு புத்தகங்கள் வழங்குதல்.

710 - பெரம்பலூர் - பெரம்பலூர் - 05/03/2025 - அரசு பள்ளி மாணவர்களுக்கு பள்ளி மாணவர்களுக்கு நோட்டு புத்தகங்கள் வழங்குதல்.

711 - பெரம்பலூர் - பெரம்பலூர் - 06/03/2025 - அரசு பள்ளி மாணவர்களுக்கு பள்ளி மாணவர்களுக்கு ஏழாம் வகுப்பு மாணவர்களுக்கு எழுதுபொருள் வழங்குதல்.

712 - பெரம்பலூர் - பெரம்பலூர் - 03/03/2025 - பாடாலூர் தொண்டமான் பிரச்சாரக் கூட்டம் -

713 - பெரம்பலூர் - குன்னம் - 02/03/2025 - அரியலூர் முருகன்குடி பள்ளி மாணவர்களுக்கு பேனா, நோட்டு புத்தகங்கள் வழங்குதல்.

714 - பெரம்பலூர் - குன்னம் - 02/03/2025 - முதியோர் இல்லத்தில் காலை, மதியம், இரவு உணவு வழங்குதல்.

715 - பெரம்பலூர் - குன்னம் - 03/03/2025 - கீழப்பெரம்பலூர் அரசு மேல்நிலைப்பள்ளி மாணவர்களுக்கு தேர்வு எழுதும் மாணவர்களுக்கு எழுதுபொருள் வழங்குதல்.

716 - பெரம்பலூர் - குன்னம் - 04/03/2025 - அரசு மேல்நிலைப் பள்ளி மாணவர்களுக்கு எழுதுபொருள் வழங்குதல்.

717 - பெரம்பலூர் - குன்னம் - 04/03/2025 - அரசு நடுநிலைப் பள்ளி மாணவர்களுக்கு எழுதுபொருட்கள், குடிநீர் வழங்குதல்.

718 - பெரம்பலூர் - குன்னம் - 05/03/2025 - நடுநிலைப்பள்ளி அங்கன்வாடி மையம் மாணவர்களுக்கு எழுதுபொருள் வழங்குதல்.

719 - பெரம்பலூர் - குன்னம் - 05/03/2025 - தொடக்கப் பள்ளி மாணவர்களுக்கு எழுதுபொருள் வழங்குதல்.

720 - பெரம்பலூர் - குன்னம் - 05/03/2025 - மாவலிங்கை ஊராட்சி அரசு பள்ளி மாணவர்களுக்கு எழுதுபொருள் வழங்குதல்.

அமைச்சர் டி.ஆர்.பி.ராஜா
செயலாளர்,
தகவல் தொழில்நுட்ப அணி தி.மு.க.
